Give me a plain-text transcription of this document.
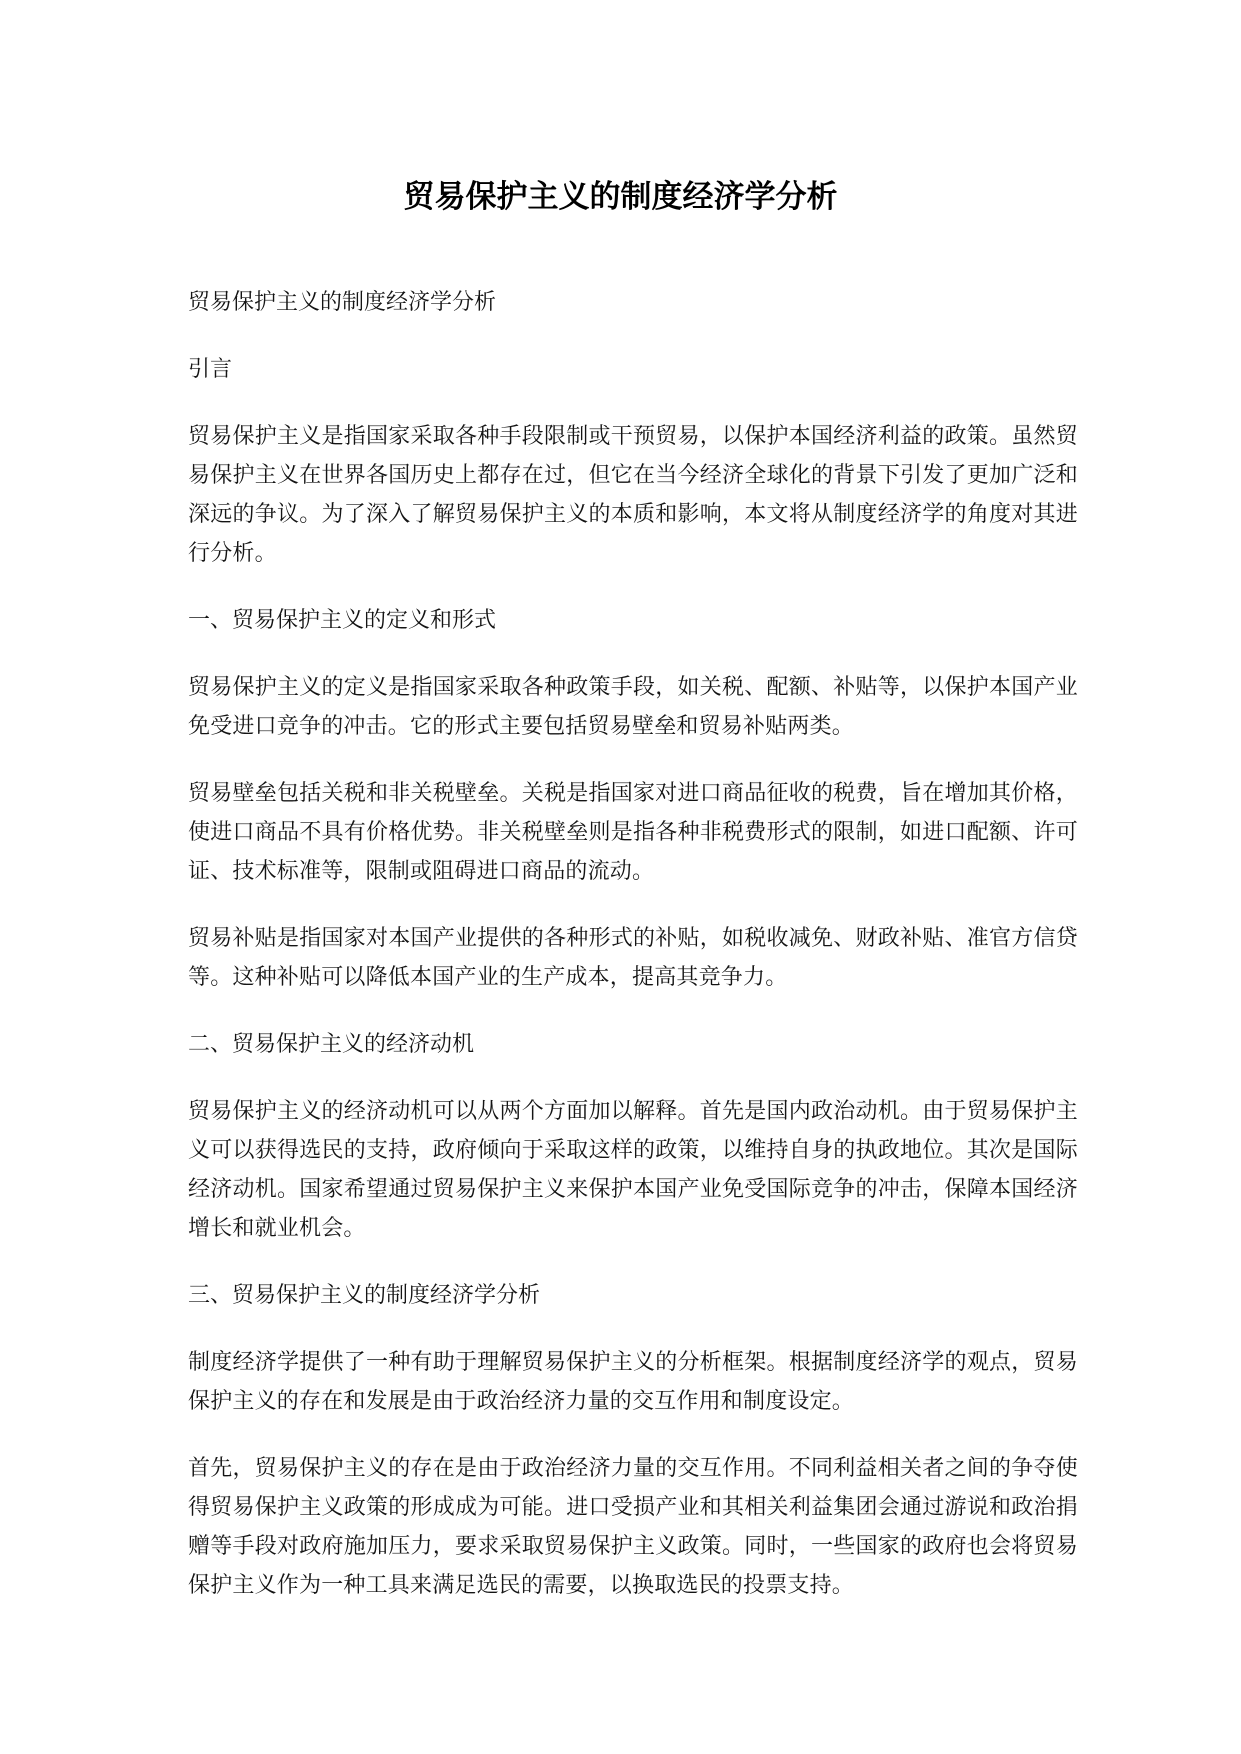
贸易保护主义的制度经济学分析

贸易保护主义的制度经济学分析

引言

贸易保护主义是指国家采取各种手段限制或干预贸易，以保护本国经济利益的政策。虽然贸易保护主义在世界各国历史上都存在过，但它在当今经济全球化的背景下引发了更加广泛和深远的争议。为了深入了解贸易保护主义的本质和影响，本文将从制度经济学的角度对其进行分析。

一、贸易保护主义的定义和形式

贸易保护主义的定义是指国家采取各种政策手段，如关税、配额、补贴等，以保护本国产业免受进口竞争的冲击。它的形式主要包括贸易壁垒和贸易补贴两类。

贸易壁垒包括关税和非关税壁垒。关税是指国家对进口商品征收的税费，旨在增加其价格，使进口商品不具有价格优势。非关税壁垒则是指各种非税费形式的限制，如进口配额、许可证、技术标准等，限制或阻碍进口商品的流动。

贸易补贴是指国家对本国产业提供的各种形式的补贴，如税收减免、财政补贴、准官方信贷等。这种补贴可以降低本国产业的生产成本，提高其竞争力。

二、贸易保护主义的经济动机

贸易保护主义的经济动机可以从两个方面加以解释。首先是国内政治动机。由于贸易保护主义可以获得选民的支持，政府倾向于采取这样的政策，以维持自身的执政地位。其次是国际经济动机。国家希望通过贸易保护主义来保护本国产业免受国际竞争的冲击，保障本国经济增长和就业机会。

三、贸易保护主义的制度经济学分析

制度经济学提供了一种有助于理解贸易保护主义的分析框架。根据制度经济学的观点，贸易保护主义的存在和发展是由于政治经济力量的交互作用和制度设定。

首先，贸易保护主义的存在是由于政治经济力量的交互作用。不同利益相关者之间的争夺使得贸易保护主义政策的形成成为可能。进口受损产业和其相关利益集团会通过游说和政治捐赠等手段对政府施加压力，要求采取贸易保护主义政策。同时，一些国家的政府也会将贸易保护主义作为一种工具来满足选民的需要，以换取选民的投票支持。
